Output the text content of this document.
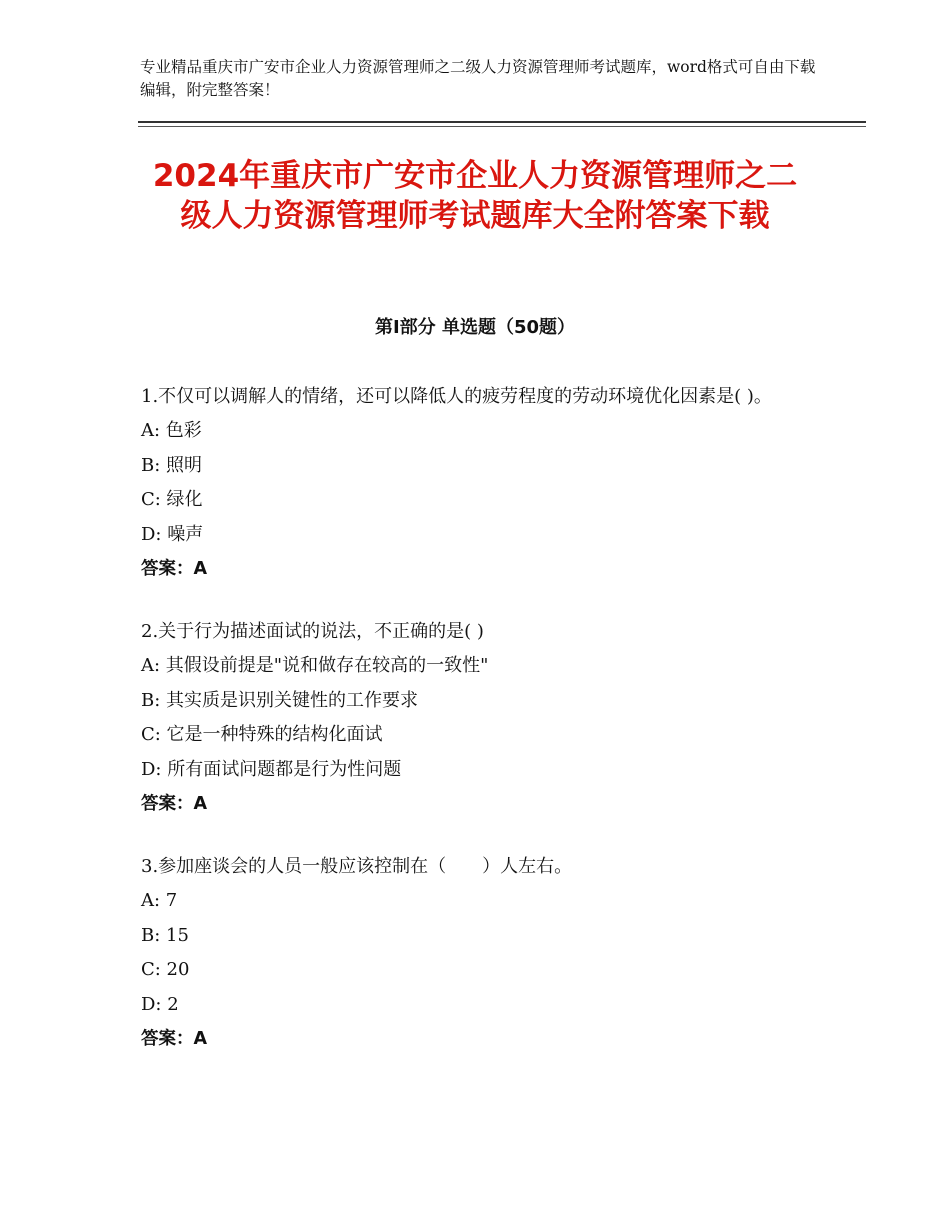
专业精品重庆市广安市企业人力资源管理师之二级人力资源管理师考试题库，word格式可自由下载编辑，附完整答案！
2024年重庆市广安市企业人力资源管理师之二级人力资源管理师考试题库大全附答案下载
第Ⅰ部分 单选题（50题）
1.不仅可以调解人的情绪，还可以降低人的疲劳程度的劳动环境优化因素是( )。
A: 色彩
B: 照明
C: 绿化
D: 噪声
答案：A
2.关于行为描述面试的说法，不正确的是( )
A: 其假设前提是"说和做存在较高的一致性"
B: 其实质是识别关键性的工作要求
C: 它是一种特殊的结构化面试
D: 所有面试问题都是行为性问题
答案：A
3.参加座谈会的人员一般应该控制在（　　）人左右。
A: 7
B: 15
C: 20
D: 2
答案：A
